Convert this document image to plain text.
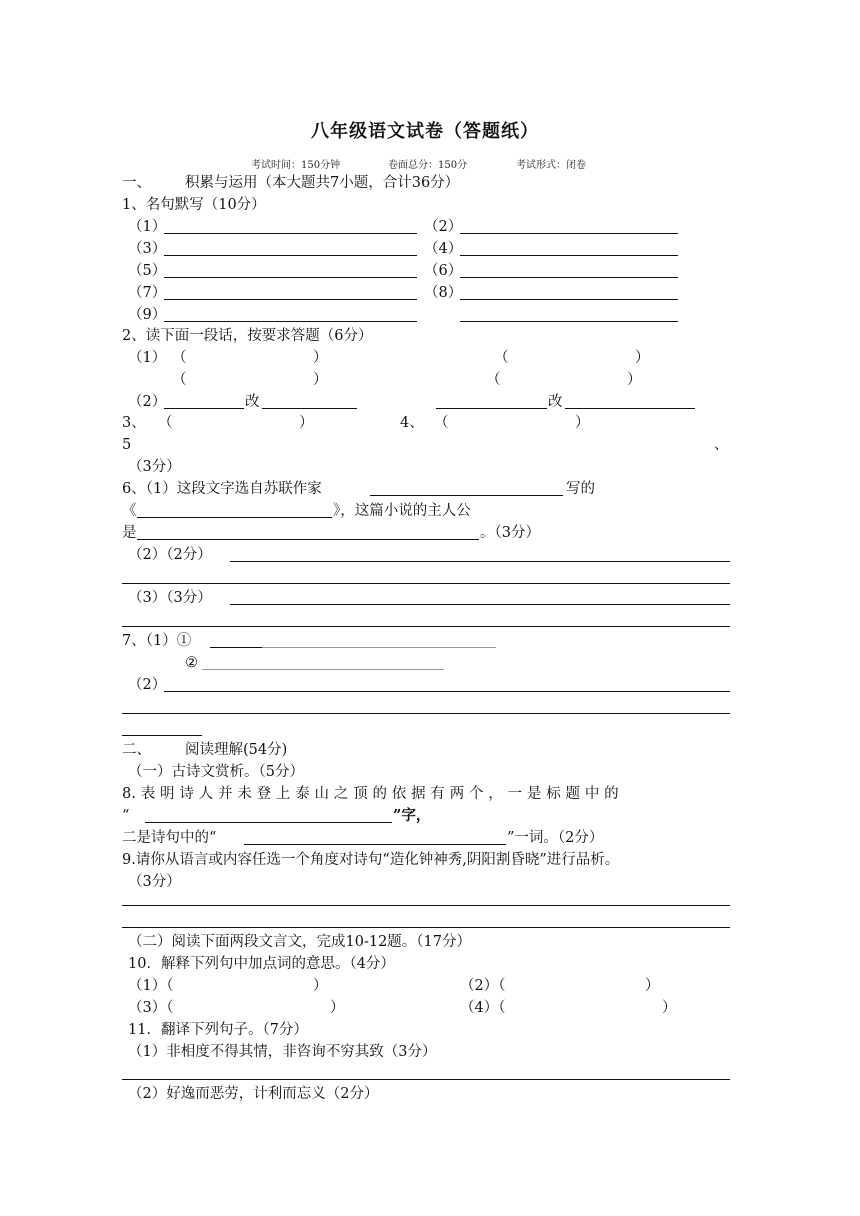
八年级语文试卷（答题纸）
考试时间：150分钟	卷面总分：150分	考试形式：闭卷
一、 积累与运用（本大题共7小题，合计36分）
1、名句默写（10分）
（1）	（2）
（3）	（4）
（5）	（6）
（7）	（8）
（9）
2、读下面一段话，按要求答题（6分）
（1） （	）	（	）
（	）	（	）
（2）	改	改
3、 （	）	4、 （	）
5	、
（3分）
6、（1）这段文字选自苏联作家	写的
《	》，这篇小说的主人公
是	。（3分）
（2）（2分）
（3）（3分）
7、（1）①
②
（2）
二、 阅读理解(54分)
（一）古诗文赏析。（5分）
8. 表 明 诗 人 并 未 登 上 泰 山 之 顶 的 依 据 有 两 个 ， 一 是 标 题 中 的
“	”字，
二是诗句中的“	”一词。（2分）
9.请你从语言或内容任选一个角度对诗句“造化钟神秀,阴阳割昏晓”进行品析。
（3分）
（二）阅读下面两段文言文，完成10-12题。（17分）
10．解释下列句中加点词的意思。（4分）
（1）（	）	（2）（	）
（3）（	）	（4）（	）
11．翻译下列句子。（7分）
（1）非相度不得其情，非咨询不穷其致（3分）
（2）好逸而恶劳，计利而忘义（2分）
